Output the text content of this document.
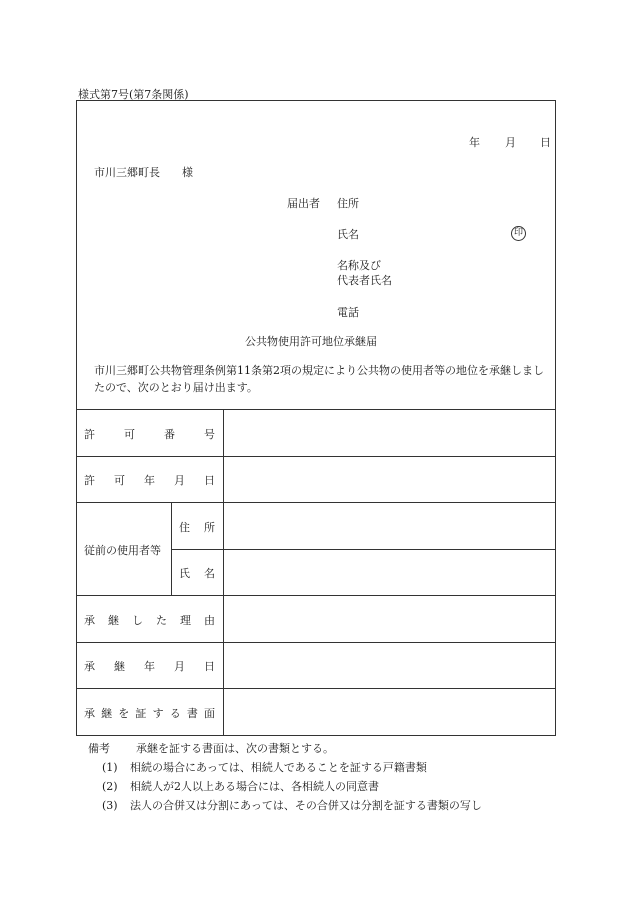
様式第7号(第7条関係)
年 月 日
市川三郷町長　　様
届出者 住所
氏名	印
名称及び
代表者氏名
電話
公共物使用許可地位承継届
市川三郷町公共物管理条例第11条第2項の規定により公共物の使用者等の地位を承継しましたので、次のとおり届け出ます。
許	可	番	号
許 可 年 月 日
従前の使用者等
住 所
氏 名
承 継 し た 理 由
承 継 年 月 日
承 継 を 証 す る 書 面
備考 承継を証する書面は、次の書類とする。
(1) 相続の場合にあっては、相続人であることを証する戸籍書類
(2) 相続人が2人以上ある場合には、各相続人の同意書
(3) 法人の合併又は分割にあっては、その合併又は分割を証する書類の写し
